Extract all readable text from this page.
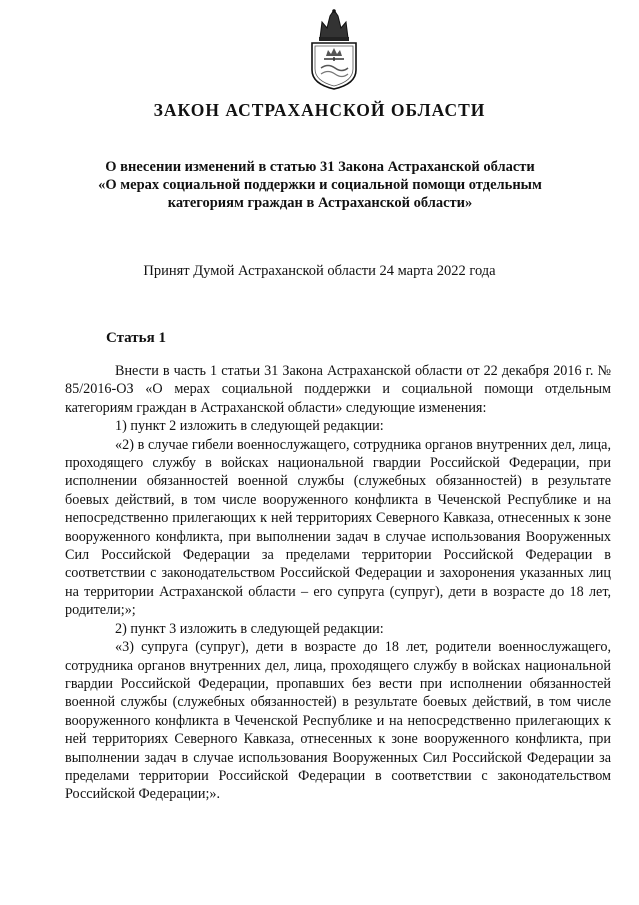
ЗАКОН АСТРАХАНСКОЙ ОБЛАСТИ
О внесении изменений в статью 31 Закона Астраханской области
«О мерах социальной поддержки и социальной помощи отдельным
категориям граждан в Астраханской области»
Принят Думой Астраханской области 24 марта 2022 года
Статья 1

Внести в часть 1 статьи 31 Закона Астраханской области от 22 декабря 2016 г. № 85/2016-ОЗ «О мерах социальной поддержки и социальной помощи отдельным категориям граждан в Астраханской области» следующие изменения:

1) пункт 2 изложить в следующей редакции:

«2) в случае гибели военнослужащего, сотрудника органов внутренних дел, лица, проходящего службу в войсках национальной гвардии Российской Федерации, при исполнении обязанностей военной службы (служебных обязанностей) в результате боевых действий, в том числе вооруженного конфликта в Чеченской Республике и на непосредственно прилегающих к ней территориях Северного Кавказа, отнесенных к зоне вооруженного конфликта, при выполнении задач в случае использования Вооруженных Сил Российской Федерации за пределами территории Российской Федерации в соответствии с законодательством Российской Федерации и захоронения указанных лиц на территории Астраханской области – его супруга (супруг), дети в возрасте до 18 лет, родители;»;

2) пункт 3 изложить в следующей редакции:

«3) супруга (супруг), дети в возрасте до 18 лет, родители военнослужащего, сотрудника органов внутренних дел, лица, проходящего службу в войсках национальной гвардии Российской Федерации, пропавших без вести при исполнении обязанностей военной службы (служебных обязанностей) в результате боевых действий, в том числе вооруженного конфликта в Чеченской Республике и на непосредственно прилегающих к ней территориях Северного Кавказа, отнесенных к зоне вооруженного конфликта, при выполнении задач в случае использования Вооруженных Сил Российской Федерации за пределами территории Российской Федерации в соответствии с законодательством Российской Федерации;».
